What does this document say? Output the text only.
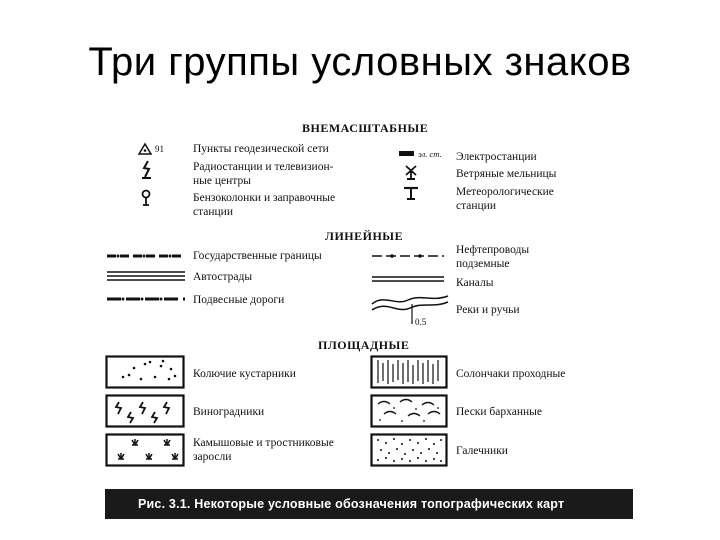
Три группы условных знаков
ВНЕМАСШТАБНЫЕ
ЛИНЕЙНЫЕ
ПЛОЩАДНЫЕ
91	Пункты геодезической сети
Радиостанции и телевизион-
ные центры
Бензоколонки и заправочные
станции
эл. ст. Электростанции
Ветряные мельницы
Метеорологические
станции
Государственные границы
Автострады
Подвесные дороги
0.5
Нефтепроводы
подземные
Каналы
Реки и ручьи
Колючие кустарники
Виноградники
Камышовые и тростниковые
заросли
Солончаки проходные
Пески барханные
Галечники
Рис. 3.1. Некоторые условные обозначения топографических карт
